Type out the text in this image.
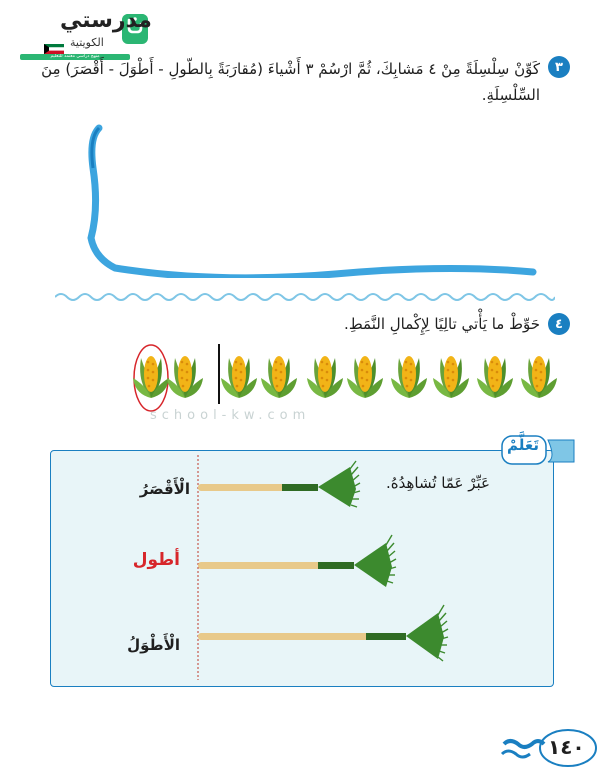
مدرستي
الكويتية
منهج دراسي معتمد للتعليم
٣
كَوِّنْ سِلْسِلَةً مِنْ ٤ مَشابِكَ، ثُمَّ ارْسُمْ ٣ أَشْياءَ (مُقارَبَةً بِالطّولِ - أَطْوَلَ - أَقْصَرَ) مِنَ
السِّلْسِلَةِ.
٤
حَوِّطْ ما يَأْتي تالِيًا لِإِكْمالِ النَّمَطِ.
school-kw.com
تَعَلَّمْ
عَبِّرْ عَمّا تُشاهِدُهُ.
الْأَقْصَرُ
أطول
الْأَطْوَلُ
١٤٠
